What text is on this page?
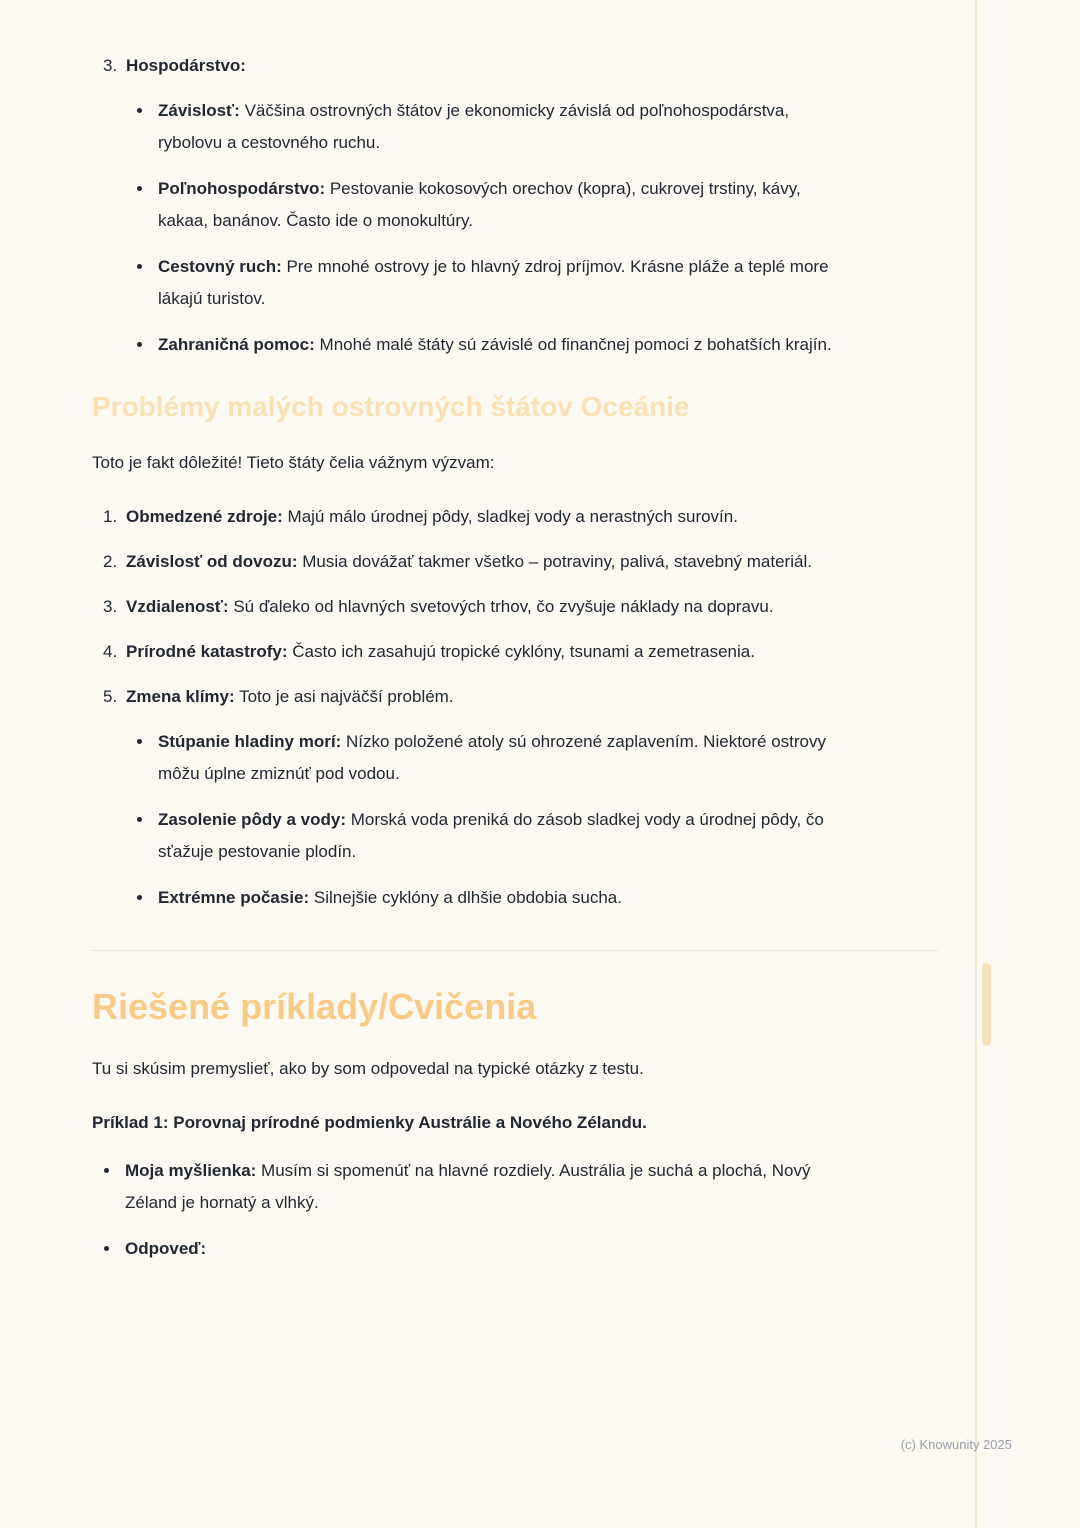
3. Hospodárstvo:
Závislosť: Väčšina ostrovných štátov je ekonomicky závislá od poľnohospodárstva, rybolovu a cestovného ruchu.
Poľnohospodárstvo: Pestovanie kokosových orechov (kopra), cukrovej trstiny, kávy, kakaa, banánov. Často ide o monokultúry.
Cestovný ruch: Pre mnohé ostrovy je to hlavný zdroj príjmov. Krásne pláže a teplé more lákajú turistov.
Zahraničná pomoc: Mnohé malé štáty sú závislé od finančnej pomoci z bohatších krajín.
Problémy malých ostrovných štátov Oceánie

Toto je fakt dôležité! Tieto štáty čelia vážnym výzvam:

1. Obmedzené zdroje: Majú málo úrodnej pôdy, sladkej vody a nerastných surovín.
2. Závislosť od dovozu: Musia dovážať takmer všetko – potraviny, palivá, stavebný materiál.
3. Vzdialenosť: Sú ďaleko od hlavných svetových trhov, čo zvyšuje náklady na dopravu.
4. Prírodné katastrofy: Často ich zasahujú tropické cyklóny, tsunami a zemetrasenia.
5. Zmena klímy: Toto je asi najväčší problém.
Stúpanie hladiny morí: Nízko položené atoly sú ohrozené zaplavením. Niektoré ostrovy môžu úplne zmiznúť pod vodou.
Zasolenie pôdy a vody: Morská voda preniká do zásob sladkej vody a úrodnej pôdy, čo sťažuje pestovanie plodín.
Extrémne počasie: Silnejšie cyklóny a dlhšie obdobia sucha.
Riešené príklady/Cvičenia

Tu si skúsim premyslieť, ako by som odpovedal na typické otázky z testu.

Príklad 1: Porovnaj prírodné podmienky Austrálie a Nového Zélandu.

Moja myšlienka: Musím si spomenúť na hlavné rozdiely. Austrália je suchá a plochá, Nový Zéland je hornatý a vlhký.
Odpoveď:
(c) Knowunity 2025
